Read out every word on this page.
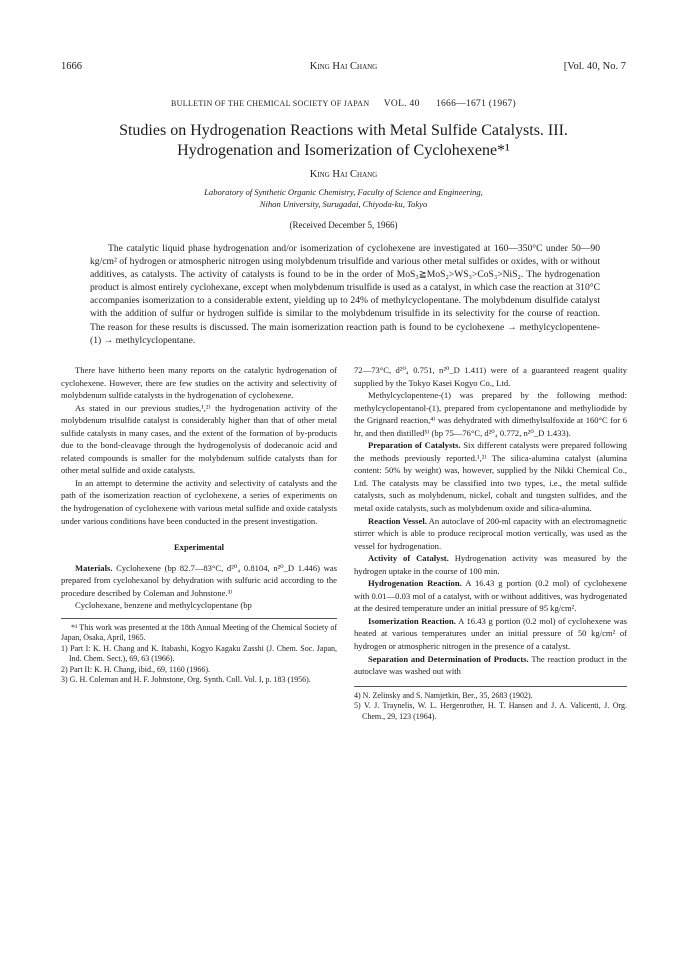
1666	King Hai Chang	[Vol. 40, No. 7
BULLETIN OF THE CHEMICAL SOCIETY OF JAPAN VOL. 40 1666—1671 (1967)
Studies on Hydrogenation Reactions with Metal Sulfide Catalysts. III.
Hydrogenation and Isomerization of Cyclohexene*¹
King Hai Chang
Laboratory of Synthetic Organic Chemistry, Faculty of Science and Engineering,
Nihon University, Surugadai, Chiyoda-ku, Tokyo
(Received December 5, 1966)

The catalytic liquid phase hydrogenation and/or isomerization of cyclohexene are investigated at 160—350°C under 50—90 kg/cm² of hydrogen or atmospheric nitrogen using molybdenum trisulfide and various other metal sulfides or oxides, with or without additives, as catalysts. The activity of catalysts is found to be in the order of MoS₃≧MoS₂>WS₃>CoS₃>NiS₂. The hydrogenation product is almost entirely cyclohexane, except when molybdenum trisulfide is used as a catalyst, in which case the reaction at 310°C accompanies isomerization to a considerable extent, yielding up to 24% of methylcyclopentane. The molybdenum disulfide catalyst with the addition of sulfur or hydrogen sulfide is similar to the molybdenum trisulfide in its selectivity for the course of reaction. The reason for these results is discussed. The main isomerization reaction path is found to be cyclohexene → methylcyclopentene-(1) → methylcyclopentane.

There have hitherto been many reports on the catalytic hydrogenation of cyclohexene. However, there are few studies on the activity and selectivity of molybdenum sulfide catalysts in the hydrogenation of cyclohexene.

As stated in our previous studies,¹,²⁾ the hydrogenation activity of the molybdenum trisulfide catalyst is considerably higher than that of other metal sulfide catalysts in many cases, and the extent of the formation of by-products due to the bond-cleavage through the hydrogenolysis of dodecanoic acid and related compounds is smaller for the molybdenum sulfide catalysts than for other metal sulfide and oxide catalysts.

In an attempt to determine the activity and selectivity of catalysts and the path of the isomerization reaction of cyclohexene, a series of experiments on the hydrogenation of cyclohexene with various metal sulfide and oxide catalysts under various conditions have been conducted in the present investigation.

Experimental

Materials. Cyclohexene (bp 82.7—83°C, d²⁰₄ 0.8104, n²⁰_D 1.446) was prepared from cyclohexanol by dehydration with sulfuric acid according to the procedure described by Coleman and Johnstone.³⁾

Cyclohexane, benzene and methylcyclopentane (bp

*¹ This work was presented at the 18th Annual Meeting of the Chemical Society of Japan, Osaka, April, 1965.

1) Part I: K. H. Chang and K. Itabashi, Kogyo Kagaku Zasshi (J. Chem. Soc. Japan, Ind. Chem. Sect.), 69, 63 (1966).

2) Part II: K. H. Chang, ibid., 69, 1160 (1966).

3) G. H. Coleman and H. F. Johnstone, Org. Synth. Coll. Vol. I, p. 183 (1956).

72—73°C, d²⁰₄ 0.751, n²⁰_D 1.411) were of a guaranteed reagent quality supplied by the Tokyo Kasei Kogyo Co., Ltd.

Methylcyclopentene-(1) was prepared by the following method: methylcyclopentanol-(1), prepared from cyclopentanone and methyliodide by the Grignard reaction,⁴⁾ was dehydrated with dimethylsulfoxide at 160°C for 6 hr, and then distilled⁵⁾ (bp 75—76°C, d²⁰₄ 0.772, n²⁰_D 1.433).

Preparation of Catalysts. Six different catalysts were prepared following the methods previously reported.¹,²⁾ The silica-alumina catalyst (alumina content: 50% by weight) was, however, supplied by the Nikki Chemical Co., Ltd. The catalysts may be classified into two types, i.e., the metal sulfide catalysts, such as molybdenum, nickel, cobalt and tungsten sulfides, and the metal oxide catalysts, such as molybdenum oxide and silica-alumina.

Reaction Vessel. An autoclave of 200-ml capacity with an electromagnetic stirrer which is able to produce reciprocal motion vertically, was used as the vessel for hydrogenation.

Activity of Catalyst. Hydrogenation activity was measured by the hydrogen uptake in the course of 100 min.

Hydrogenation Reaction. A 16.43 g portion (0.2 mol) of cyclohexene with 0.01—0.03 mol of a catalyst, with or without additives, was hydrogenated at the desired temperature under an initial pressure of 95 kg/cm².

Isomerization Reaction. A 16.43 g portion (0.2 mol) of cyclohexene was heated at various temperatures under an initial pressure of 50 kg/cm² of hydrogen or atmospheric nitrogen in the presence of a catalyst.

Separation and Determination of Products. The reaction product in the autoclave was washed out with

4) N. Zelinsky and S. Namjetkin, Ber., 35, 2683 (1902).

5) V. J. Traynelis, W. L. Hergenrother, H. T. Hansen and J. A. Valicenti, J. Org. Chem., 29, 123 (1964).
